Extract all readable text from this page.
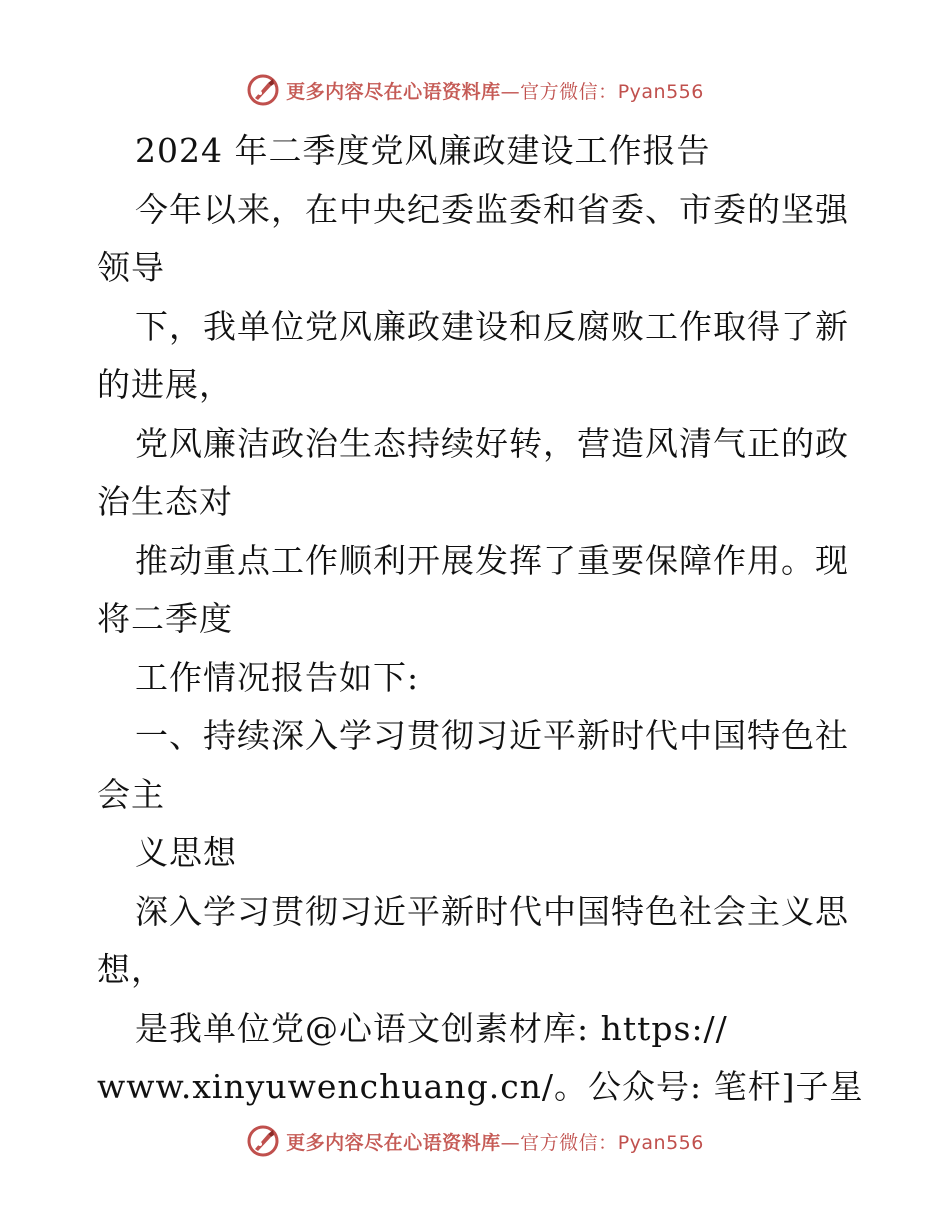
更多内容尽在心语资料库—官方微信：Pyan556
2024 年二季度党风廉政建设工作报告
今年以来，在中央纪委监委和省委、市委的坚强
领导
下，我单位党风廉政建设和反腐败工作取得了新
的进展，
党风廉洁政治生态持续好转，营造风清气正的政
治生态对
推动重点工作顺利开展发挥了重要保障作用。现
将二季度
工作情况报告如下:
一、持续深入学习贯彻习近平新时代中国特色社
会主
义思想
深入学习贯彻习近平新时代中国特色社会主义思
想，
是我单位党@心语文创素材库: https://
www.xinyuwenchuang.cn/。公众号: 笔杆]子星
更多内容尽在心语资料库—官方微信：Pyan556
